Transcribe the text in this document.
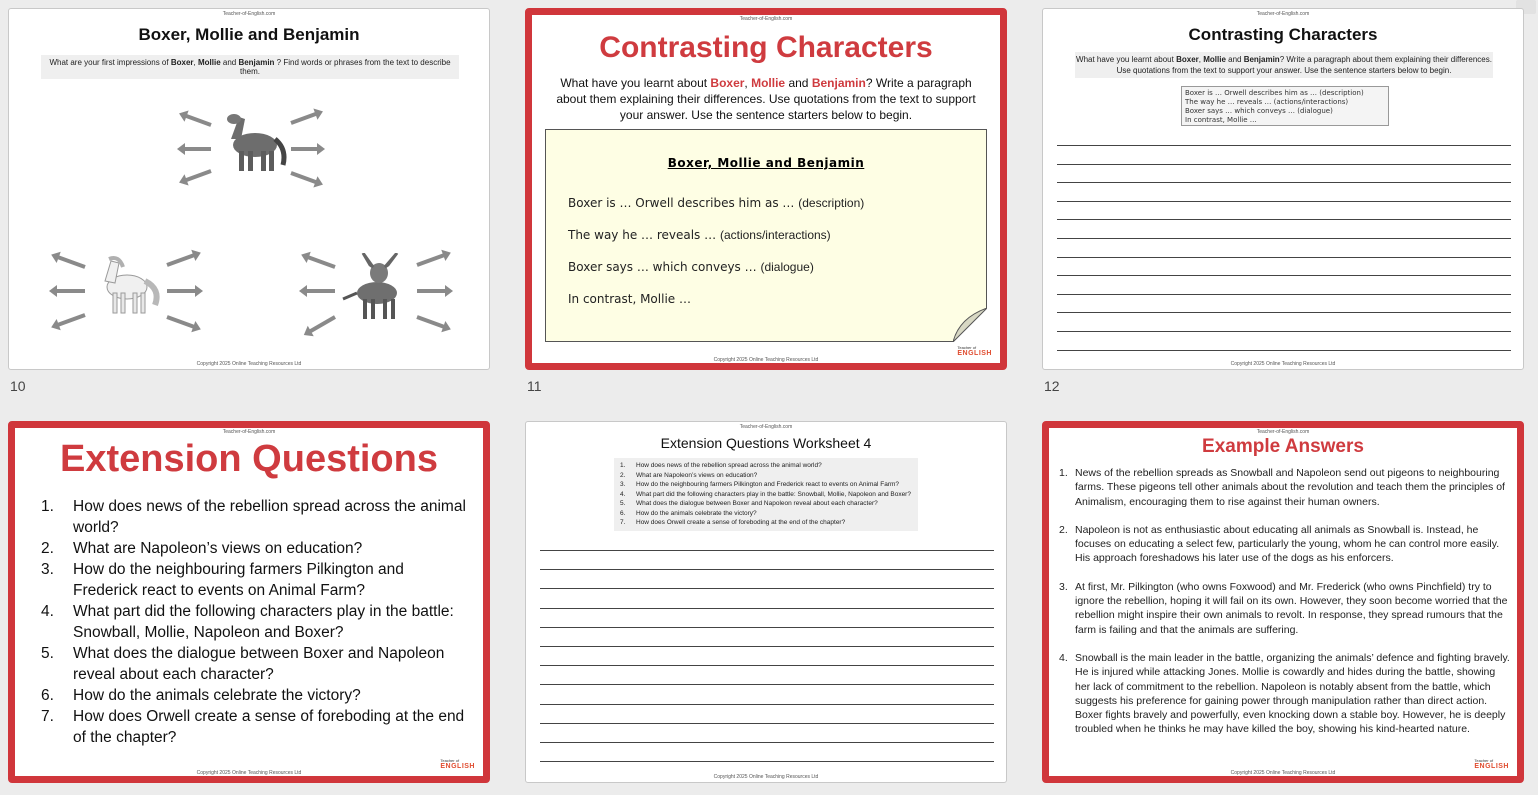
Teacher-of-English.com
Boxer, Mollie and Benjamin
What are your first impressions of Boxer, Mollie and Benjamin ? Find words or phrases from the text to describe them.
Copyright 2025 Online Teaching Resources Ltd
10
Teacher-of-English.com
Contrasting Characters
What have you learnt about Boxer, Mollie and Benjamin? Write a paragraph about them explaining their differences. Use quotations from the text to support your answer. Use the sentence starters below to begin.
Boxer, Mollie and Benjamin
Boxer is … Orwell describes him as … (description)
The way he … reveals … (actions/interactions)
Boxer says … which conveys … (dialogue)
In contrast, Mollie …
Teacher of
ENGLISH
Copyright 2025 Online Teaching Resources Ltd
11
Teacher-of-English.com
Contrasting Characters
What have you learnt about Boxer, Mollie and Benjamin? Write a paragraph about them explaining their differences. Use quotations from the text to support your answer. Use the sentence starters below to begin.
Boxer is … Orwell describes him as … (description)
The way he … reveals … (actions/interactions)
Boxer says … which conveys … (dialogue)
In contrast, Mollie …
Copyright 2025 Online Teaching Resources Ltd
12
Teacher-of-English.com
Extension Questions
1. How does news of the rebellion spread across the animal world?
2. What are Napoleon’s views on education?
3. How do the neighbouring farmers Pilkington and Frederick react to events on Animal Farm?
4. What part did the following characters play in the battle: Snowball, Mollie, Napoleon and Boxer?
5. What does the dialogue between Boxer and Napoleon reveal about each character?
6. How do the animals celebrate the victory?
7. How does Orwell create a sense of foreboding at the end of the chapter?
Teacher of
ENGLISH
Copyright 2025 Online Teaching Resources Ltd
Teacher-of-English.com
Extension Questions Worksheet 4
1. How does news of the rebellion spread across the animal world?
2. What are Napoleon’s views on education?
3. How do the neighbouring farmers Pilkington and Frederick react to events on Animal Farm?
4. What part did the following characters play in the battle: Snowball, Mollie, Napoleon and Boxer?
5. What does the dialogue between Boxer and Napoleon reveal about each character?
6. How do the animals celebrate the victory?
7. How does Orwell create a sense of foreboding at the end of the chapter?
Copyright 2025 Online Teaching Resources Ltd
Teacher-of-English.com
Example Answers
1. News of the rebellion spreads as Snowball and Napoleon send out pigeons to neighbouring farms. These pigeons tell other animals about the revolution and teach them the principles of Animalism, encouraging them to rise against their human owners.
2. Napoleon is not as enthusiastic about educating all animals as Snowball is. Instead, he focuses on educating a select few, particularly the young, whom he can control more easily. His approach foreshadows his later use of the dogs as his enforcers.
3. At first, Mr. Pilkington (who owns Foxwood) and Mr. Frederick (who owns Pinchfield) try to ignore the rebellion, hoping it will fail on its own. However, they soon become worried that the rebellion might inspire their own animals to revolt. In response, they spread rumours that the farm is failing and that the animals are suffering.
4. Snowball is the main leader in the battle, organizing the animals’ defence and fighting bravely. He is injured while attacking Jones. Mollie is cowardly and hides during the battle, showing her lack of commitment to the rebellion. Napoleon is notably absent from the battle, which suggests his preference for gaining power through manipulation rather than direct action. Boxer fights bravely and powerfully, even knocking down a stable boy. However, he is deeply troubled when he thinks he may have killed the boy, showing his kind-hearted nature.
Teacher of
ENGLISH
Copyright 2025 Online Teaching Resources Ltd
